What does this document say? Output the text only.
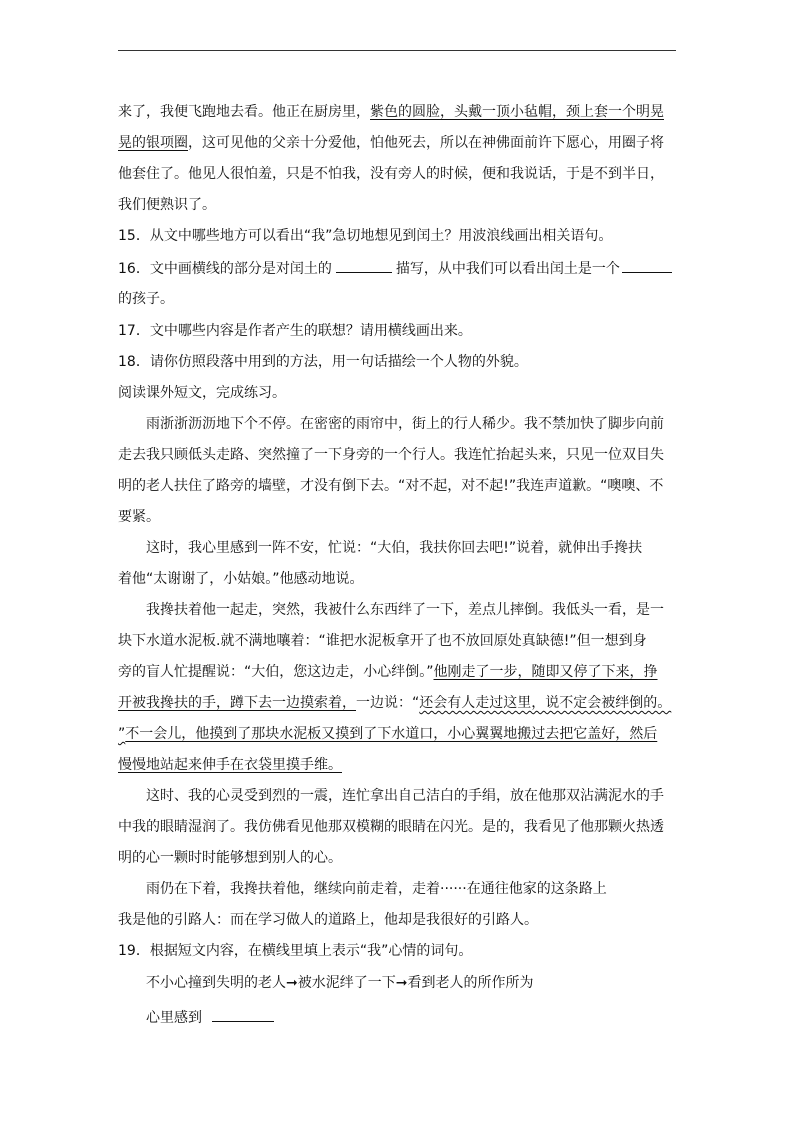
来了，我便飞跑地去看。他正在厨房里，紫色的圆脸，头戴一顶小毡帽，颈上套一个明晃
晃的银项圈，这可见他的父亲十分爱他，怕他死去，所以在神佛面前许下愿心，用圈子将
他套住了。他见人很怕羞，只是不怕我，没有旁人的时候，便和我说话，于是不到半日，
我们便熟识了。
15．从文中哪些地方可以看出“我”急切地想见到闰土？用波浪线画出相关语句。
16．文中画横线的部分是对闰土的	描写，从中我们可以看出闰土是一个
的孩子。
17．文中哪些内容是作者产生的联想？请用横线画出来。
18．请你仿照段落中用到的方法，用一句话描绘一个人物的外貌。
阅读课外短文，完成练习。
雨浙浙沥沥地下个不停。在密密的雨帘中，街上的行人稀少。我不禁加快了脚步向前
走去我只顾低头走路、突然撞了一下身旁的一个行人。我连忙抬起头来，只见一位双目失
明的老人扶住了路旁的墙壁，才没有倒下去。“对不起，对不起!”我连声道歉。“噢噢、不
要紧。
这时，我心里感到一阵不安，忙说：“大伯，我扶你回去吧!”说着，就伸出手搀扶
着他“太谢谢了，小姑娘。”他感动地说。
我搀扶着他一起走，突然，我被什么东西绊了一下，差点儿摔倒。我低头一看，是一
块下水道水泥板.就不满地嚷着：“谁把水泥板拿开了也不放回原处真缺德!”但一想到身
旁的盲人忙提醒说：“大伯，您这边走，小心绊倒。”他刚走了一步，随即又停了下来，挣
开被我搀扶的手，蹲下去一边摸索着，一边说：“还会有人走过这里，说不定会被绊倒的。
”不一会儿，他摸到了那块水泥板又摸到了下水道口，小心翼翼地搬过去把它盖好，然后
慢慢地站起来伸手在衣袋里摸手维。
这时、我的心灵受到烈的一震，连忙拿出自己洁白的手绢，放在他那双沾满泥水的手
中我的眼睛湿润了。我仿佛看见他那双模糊的眼睛在闪光。是的，我看见了他那颗火热透
明的心一颗时时能够想到别人的心。
雨仍在下着，我搀扶着他，继续向前走着，走着······在通往他家的这条路上
我是他的引路人：而在学习做人的道路上，他却是我很好的引路人。
19．根据短文内容，在横线里填上表示“我”心情的词句。
不小心撞到失明的老人➞被水泥绊了一下➞看到老人的所作所为
心里感到
